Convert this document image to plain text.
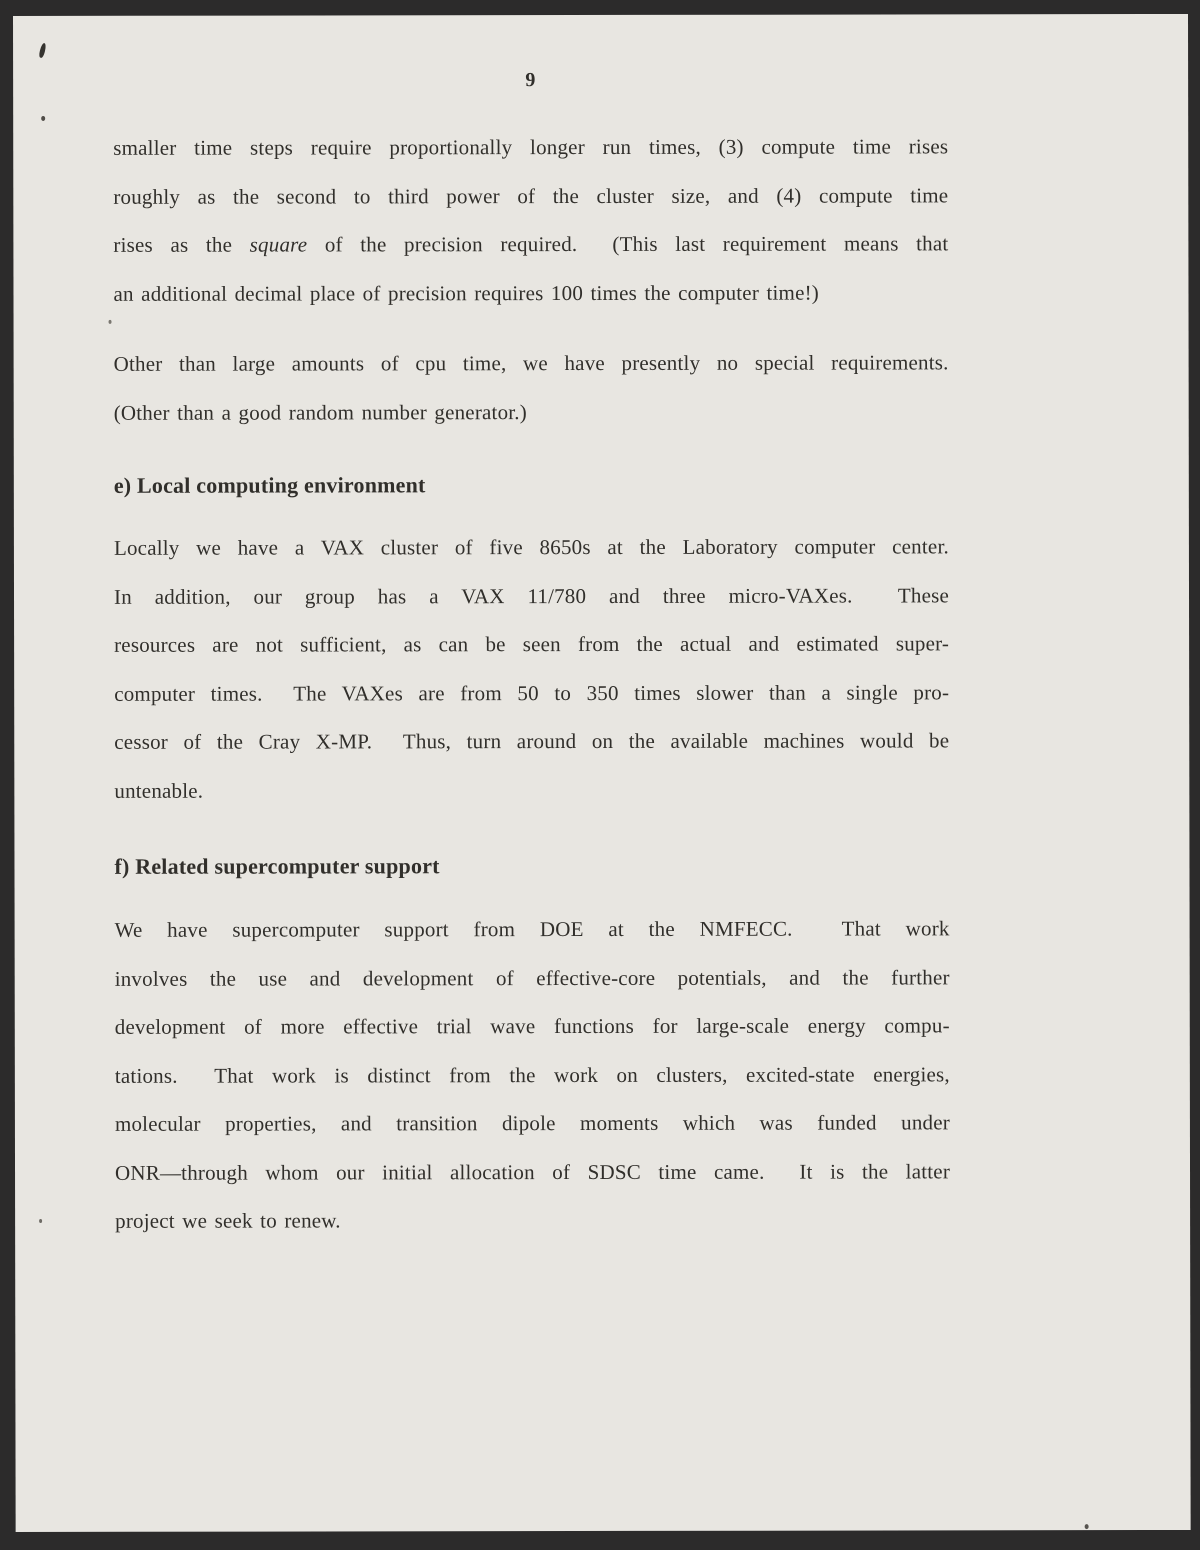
9
smaller time steps require proportionally longer run times, (3) compute time rises
roughly as the second to third power of the cluster size, and (4) compute time
rises as the square of the precision required.  (This last requirement means that
an additional decimal place of precision requires 100 times the computer time!)
Other than large amounts of cpu time, we have presently no special requirements.
(Other than a good random number generator.)
e) Local computing environment
Locally we have a VAX cluster of five 8650s at the Laboratory computer center.
In addition, our group has a VAX 11/780 and three micro-VAXes.  These
resources are not sufficient, as can be seen from the actual and estimated super-
computer times.  The VAXes are from 50 to 350 times slower than a single pro-
cessor of the Cray X-MP.  Thus, turn around on the available machines would be
untenable.
f) Related supercomputer support
We have supercomputer support from DOE at the NMFECC.  That work
involves the use and development of effective-core potentials, and the further
development of more effective trial wave functions for large-scale energy compu-
tations.  That work is distinct from the work on clusters, excited-state energies,
molecular properties, and transition dipole moments which was funded under
ONR—through whom our initial allocation of SDSC time came.  It is the latter
project we seek to renew.
